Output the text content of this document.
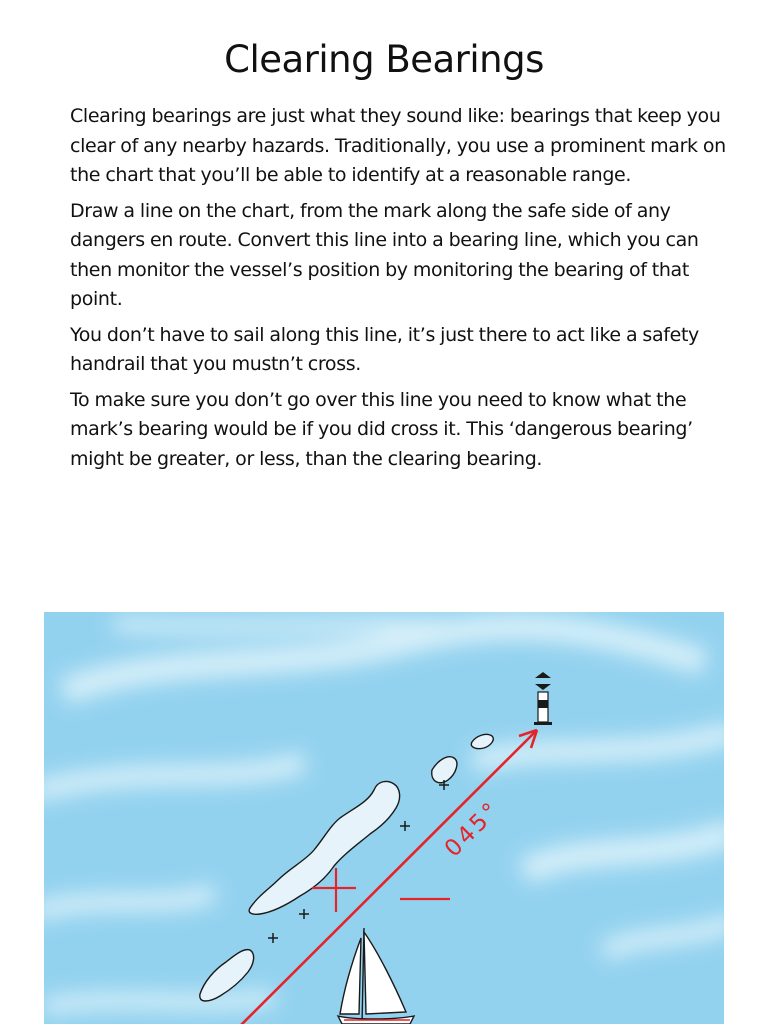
Clearing Bearings

Clearing bearings are just what they sound like: bearings that keep you clear of any nearby hazards. Traditionally, you use a prominent mark on the chart that you’ll be able to identify at a reasonable range.

Draw a line on the chart, from the mark along the safe side of any dangers en route. Convert this line into a bearing line, which you can then monitor the vessel’s position by monitoring the bearing of that point.

You don’t have to sail along this line, it’s just there to act like a safety handrail that you mustn’t cross.

To make sure you don’t go over this line you need to know what the mark’s bearing would be if you did cross it. This ‘dangerous bearing’ might be greater, or less, than the clearing bearing.

045°
